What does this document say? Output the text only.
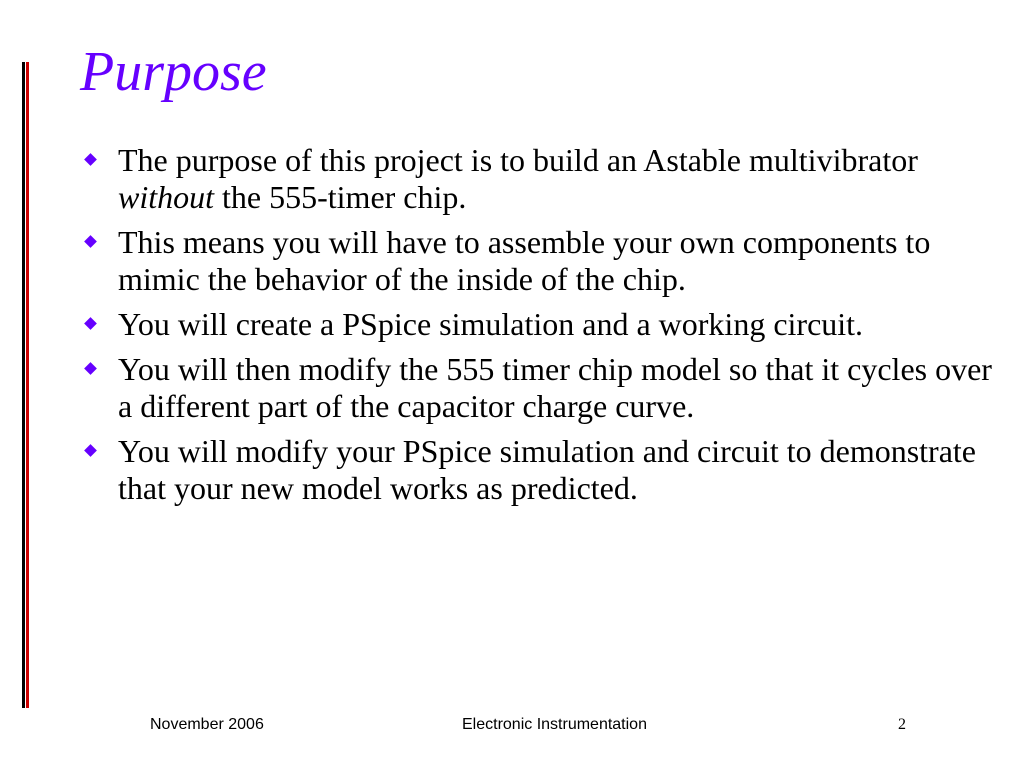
Purpose
The purpose of this project is to build an Astable multivibrator without the 555-timer chip.
This means you will have to assemble your own components to mimic the behavior of the inside of the chip.
You will create a PSpice simulation and a working circuit.
You will then modify the 555 timer chip model so that it cycles over a different part of the capacitor charge curve.
You will modify your PSpice simulation and circuit to demonstrate that your new model works as predicted.
November 2006	Electronic Instrumentation	2
